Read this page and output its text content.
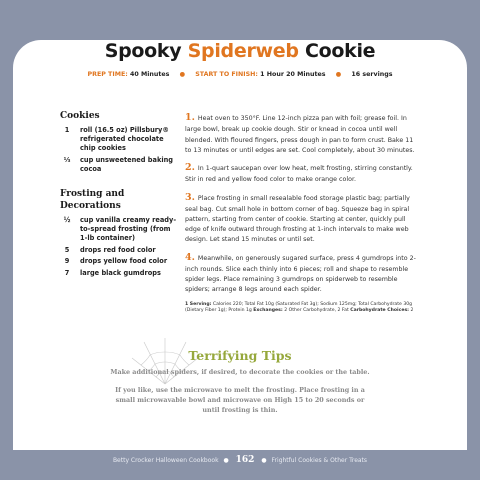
Spooky Spiderweb Cookie
PREP TIME: 40 Minutes ● START TO FINISH: 1 Hour 20 Minutes ● 16 servings
Cookies
1	roll (16.5 oz) Pillsbury® refrigerated chocolate chip cookies
⅓	cup unsweetened baking cocoa
Frosting and Decorations
½	cup vanilla creamy ready-to-spread frosting (from 1-lb container)
5	drops red food color
9	drops yellow food color
7	large black gumdrops

1. Heat oven to 350°F. Line 12-inch pizza pan with foil; grease foil. In large bowl, break up cookie dough. Stir or knead in cocoa until well blended. With floured fingers, press dough in pan to form crust. Bake 11 to 13 minutes or until edges are set. Cool completely, about 30 minutes.

2. In 1-quart saucepan over low heat, melt frosting, stirring constantly. Stir in red and yellow food color to make orange color.

3. Place frosting in small resealable food storage plastic bag; partially seal bag. Cut small hole in bottom corner of bag. Squeeze bag in spiral pattern, starting from center of cookie. Starting at center, quickly pull edge of knife outward through frosting at 1-inch intervals to make web design. Let stand 15 minutes or until set.

4. Meanwhile, on generously sugared surface, press 4 gumdrops into 2-inch rounds. Slice each thinly into 6 pieces; roll and shape to resemble spider legs. Place remaining 3 gumdrops on spiderweb to resemble spiders; arrange 8 legs around each spider.

1 Serving: Calories 220; Total Fat 10g (Saturated Fat 3g); Sodium 125mg; Total Carbohydrate 30g (Dietary Fiber 1g); Protein 1g Exchanges: 2 Other Carbohydrate, 2 Fat Carbohydrate Choices: 2
Terrifying Tips

Make additional spiders, if desired, to decorate the cookies or the table.

If you like, use the microwave to melt the frosting. Place frosting in a small microwavable bowl and microwave on High 15 to 20 seconds or until frosting is thin.

Betty Crocker Halloween Cookbook ● 162 ● Frightful Cookies & Other Treats
